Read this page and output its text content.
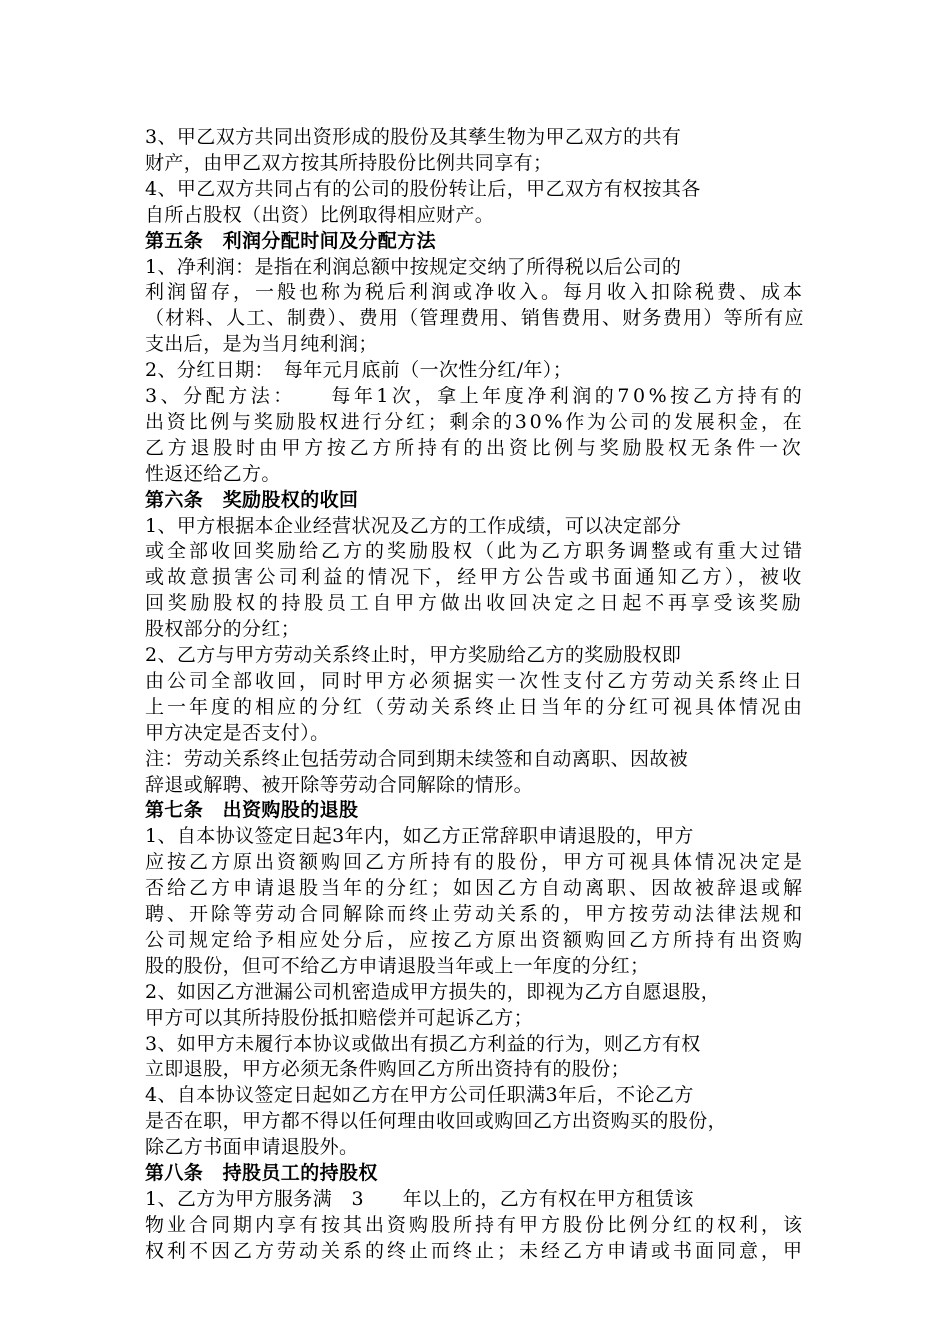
3、甲乙双方共同出资形成的股份及其孳生物为甲乙双方的共有
财产，由甲乙双方按其所持股份比例共同享有；
4、甲乙双方共同占有的公司的股份转让后，甲乙双方有权按其各
自所占股权（出资）比例取得相应财产。
第五条　利润分配时间及分配方法
1、净利润：是指在利润总额中按规定交纳了所得税以后公司的
利润留存，一般也称为税后利润或净收入。每月收入扣除税费、成本
（材料、人工、制费）、费用（管理费用、销售费用、财务费用）等所有应
支出后，是为当月纯利润；
2、分红日期：　每年元月底前（一次性分红/年）；
3、分配方法：　　每年1次，拿上年度净利润的70%按乙方持有的
出资比例与奖励股权进行分红；剩余的30%作为公司的发展积金，在
乙方退股时由甲方按乙方所持有的出资比例与奖励股权无条件一次
性返还给乙方。
第六条　奖励股权的收回
1、甲方根据本企业经营状况及乙方的工作成绩，可以决定部分
或全部收回奖励给乙方的奖励股权（此为乙方职务调整或有重大过错
或故意损害公司利益的情况下，经甲方公告或书面通知乙方），被收
回奖励股权的持股员工自甲方做出收回决定之日起不再享受该奖励
股权部分的分红；
2、乙方与甲方劳动关系终止时，甲方奖励给乙方的奖励股权即
由公司全部收回，同时甲方必须据实一次性支付乙方劳动关系终止日
上一年度的相应的分红（劳动关系终止日当年的分红可视具体情况由
甲方决定是否支付）。
注：劳动关系终止包括劳动合同到期未续签和自动离职、因故被
辞退或解聘、被开除等劳动合同解除的情形。
第七条　出资购股的退股
1、自本协议签定日起3年内，如乙方正常辞职申请退股的，甲方
应按乙方原出资额购回乙方所持有的股份，甲方可视具体情况决定是
否给乙方申请退股当年的分红；如因乙方自动离职、因故被辞退或解
聘、开除等劳动合同解除而终止劳动关系的，甲方按劳动法律法规和
公司规定给予相应处分后，应按乙方原出资额购回乙方所持有出资购
股的股份，但可不给乙方申请退股当年或上一年度的分红；
2、如因乙方泄漏公司机密造成甲方损失的，即视为乙方自愿退股，
甲方可以其所持股份抵扣赔偿并可起诉乙方；
3、如甲方未履行本协议或做出有损乙方利益的行为，则乙方有权
立即退股，甲方必须无条件购回乙方所出资持有的股份；
4、自本协议签定日起如乙方在甲方公司任职满3年后，不论乙方
是否在职，甲方都不得以任何理由收回或购回乙方出资购买的股份，
除乙方书面申请退股外。
第八条　持股员工的持股权
1、乙方为甲方服务满　3　　年以上的，乙方有权在甲方租赁该
物业合同期内享有按其出资购股所持有甲方股份比例分红的权利，该
权利不因乙方劳动关系的终止而终止；未经乙方申请或书面同意，甲
